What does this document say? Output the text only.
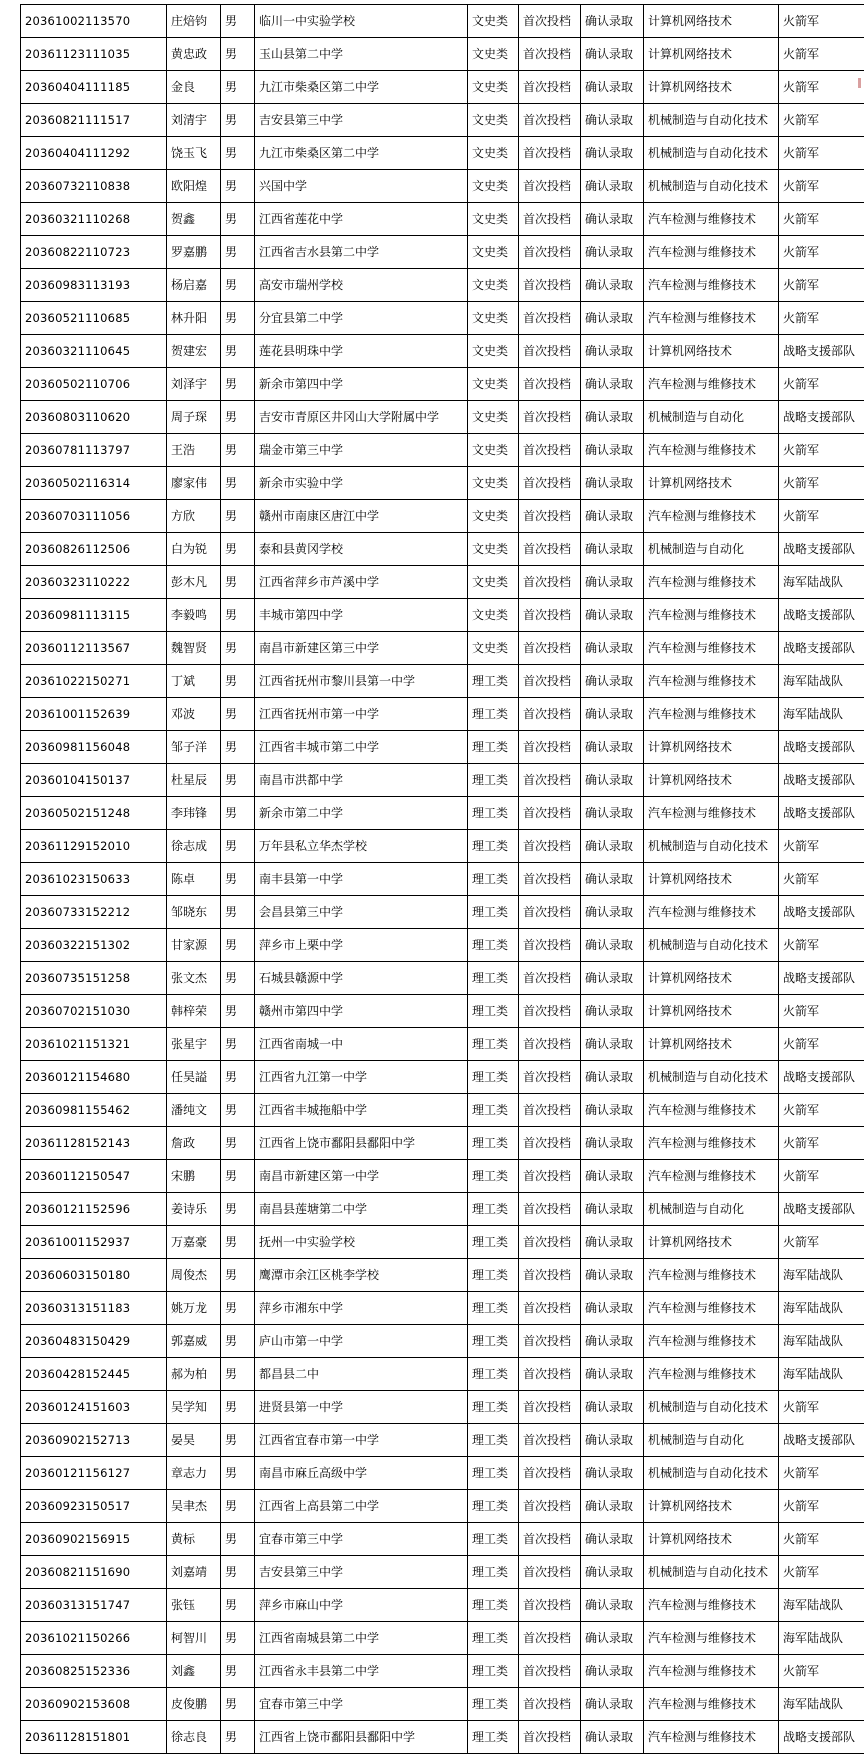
20361002113570	庄焙钧	男	临川一中实验学校	文史类	首次投档	确认录取	计算机网络技术	火箭军
20361123111035	黄忠政	男	玉山县第二中学	文史类	首次投档	确认录取	计算机网络技术	火箭军
20360404111185	金良	男	九江市柴桑区第二中学	文史类	首次投档	确认录取	计算机网络技术	火箭军
20360821111517	刘清宇	男	吉安县第三中学	文史类	首次投档	确认录取	机械制造与自动化技术	火箭军
20360404111292	饶玉飞	男	九江市柴桑区第二中学	文史类	首次投档	确认录取	机械制造与自动化技术	火箭军
20360732110838	欧阳煌	男	兴国中学	文史类	首次投档	确认录取	机械制造与自动化技术	火箭军
20360321110268	贺鑫	男	江西省莲花中学	文史类	首次投档	确认录取	汽车检测与维修技术	火箭军
20360822110723	罗嘉鹏	男	江西省吉水县第二中学	文史类	首次投档	确认录取	汽车检测与维修技术	火箭军
20360983113193	杨启嘉	男	高安市瑞州学校	文史类	首次投档	确认录取	汽车检测与维修技术	火箭军
20360521110685	林升阳	男	分宜县第二中学	文史类	首次投档	确认录取	汽车检测与维修技术	火箭军
20360321110645	贺建宏	男	莲花县明珠中学	文史类	首次投档	确认录取	计算机网络技术	战略支援部队
20360502110706	刘泽宇	男	新余市第四中学	文史类	首次投档	确认录取	汽车检测与维修技术	火箭军
20360803110620	周子琛	男	吉安市青原区井冈山大学附属中学	文史类	首次投档	确认录取	机械制造与自动化	战略支援部队
20360781113797	王浩	男	瑞金市第三中学	文史类	首次投档	确认录取	汽车检测与维修技术	火箭军
20360502116314	廖家伟	男	新余市实验中学	文史类	首次投档	确认录取	计算机网络技术	火箭军
20360703111056	方欣	男	赣州市南康区唐江中学	文史类	首次投档	确认录取	汽车检测与维修技术	火箭军
20360826112506	白为锐	男	泰和县黄冈学校	文史类	首次投档	确认录取	机械制造与自动化	战略支援部队
20360323110222	彭木凡	男	江西省萍乡市芦溪中学	文史类	首次投档	确认录取	汽车检测与维修技术	海军陆战队
20360981113115	李毅鸣	男	丰城市第四中学	文史类	首次投档	确认录取	汽车检测与维修技术	战略支援部队
20360112113567	魏智贤	男	南昌市新建区第三中学	文史类	首次投档	确认录取	汽车检测与维修技术	战略支援部队
20361022150271	丁斌	男	江西省抚州市黎川县第一中学	理工类	首次投档	确认录取	汽车检测与维修技术	海军陆战队
20361001152639	邓波	男	江西省抚州市第一中学	理工类	首次投档	确认录取	汽车检测与维修技术	海军陆战队
20360981156048	邹子洋	男	江西省丰城市第二中学	理工类	首次投档	确认录取	计算机网络技术	战略支援部队
20360104150137	杜星辰	男	南昌市洪都中学	理工类	首次投档	确认录取	计算机网络技术	战略支援部队
20360502151248	李玮锋	男	新余市第二中学	理工类	首次投档	确认录取	汽车检测与维修技术	战略支援部队
20361129152010	徐志成	男	万年县私立华杰学校	理工类	首次投档	确认录取	机械制造与自动化技术	火箭军
20361023150633	陈卓	男	南丰县第一中学	理工类	首次投档	确认录取	计算机网络技术	火箭军
20360733152212	邹晓东	男	会昌县第三中学	理工类	首次投档	确认录取	汽车检测与维修技术	战略支援部队
20360322151302	甘家源	男	萍乡市上栗中学	理工类	首次投档	确认录取	机械制造与自动化技术	火箭军
20360735151258	张文杰	男	石城县赣源中学	理工类	首次投档	确认录取	计算机网络技术	战略支援部队
20360702151030	韩梓荣	男	赣州市第四中学	理工类	首次投档	确认录取	计算机网络技术	火箭军
20361021151321	张星宇	男	江西省南城一中	理工类	首次投档	确认录取	计算机网络技术	火箭军
20360121154680	任昊謚	男	江西省九江第一中学	理工类	首次投档	确认录取	机械制造与自动化技术	战略支援部队
20360981155462	潘纯文	男	江西省丰城拖船中学	理工类	首次投档	确认录取	汽车检测与维修技术	火箭军
20361128152143	詹政	男	江西省上饶市鄱阳县鄱阳中学	理工类	首次投档	确认录取	汽车检测与维修技术	火箭军
20360112150547	宋鹏	男	南昌市新建区第一中学	理工类	首次投档	确认录取	汽车检测与维修技术	火箭军
20360121152596	姜诗乐	男	南昌县莲塘第二中学	理工类	首次投档	确认录取	机械制造与自动化	战略支援部队
20361001152937	万嘉豪	男	抚州一中实验学校	理工类	首次投档	确认录取	计算机网络技术	火箭军
20360603150180	周俊杰	男	鹰潭市余江区桃李学校	理工类	首次投档	确认录取	汽车检测与维修技术	海军陆战队
20360313151183	姚万龙	男	萍乡市湘东中学	理工类	首次投档	确认录取	汽车检测与维修技术	海军陆战队
20360483150429	郭嘉威	男	庐山市第一中学	理工类	首次投档	确认录取	汽车检测与维修技术	海军陆战队
20360428152445	郝为柏	男	都昌县二中	理工类	首次投档	确认录取	汽车检测与维修技术	海军陆战队
20360124151603	吴学知	男	进贤县第一中学	理工类	首次投档	确认录取	机械制造与自动化技术	火箭军
20360902152713	晏昊	男	江西省宜春市第一中学	理工类	首次投档	确认录取	机械制造与自动化	战略支援部队
20360121156127	章志力	男	南昌市麻丘高级中学	理工类	首次投档	确认录取	机械制造与自动化技术	火箭军
20360923150517	吴聿杰	男	江西省上高县第二中学	理工类	首次投档	确认录取	计算机网络技术	火箭军
20360902156915	黄标	男	宜春市第三中学	理工类	首次投档	确认录取	计算机网络技术	火箭军
20360821151690	刘嘉靖	男	吉安县第三中学	理工类	首次投档	确认录取	机械制造与自动化技术	火箭军
20360313151747	张钰	男	萍乡市麻山中学	理工类	首次投档	确认录取	汽车检测与维修技术	海军陆战队
20361021150266	柯智川	男	江西省南城县第二中学	理工类	首次投档	确认录取	汽车检测与维修技术	海军陆战队
20360825152336	刘鑫	男	江西省永丰县第二中学	理工类	首次投档	确认录取	汽车检测与维修技术	火箭军
20360902153608	皮俊鹏	男	宜春市第三中学	理工类	首次投档	确认录取	汽车检测与维修技术	海军陆战队
20361128151801	徐志良	男	江西省上饶市鄱阳县鄱阳中学	理工类	首次投档	确认录取	汽车检测与维修技术	战略支援部队
